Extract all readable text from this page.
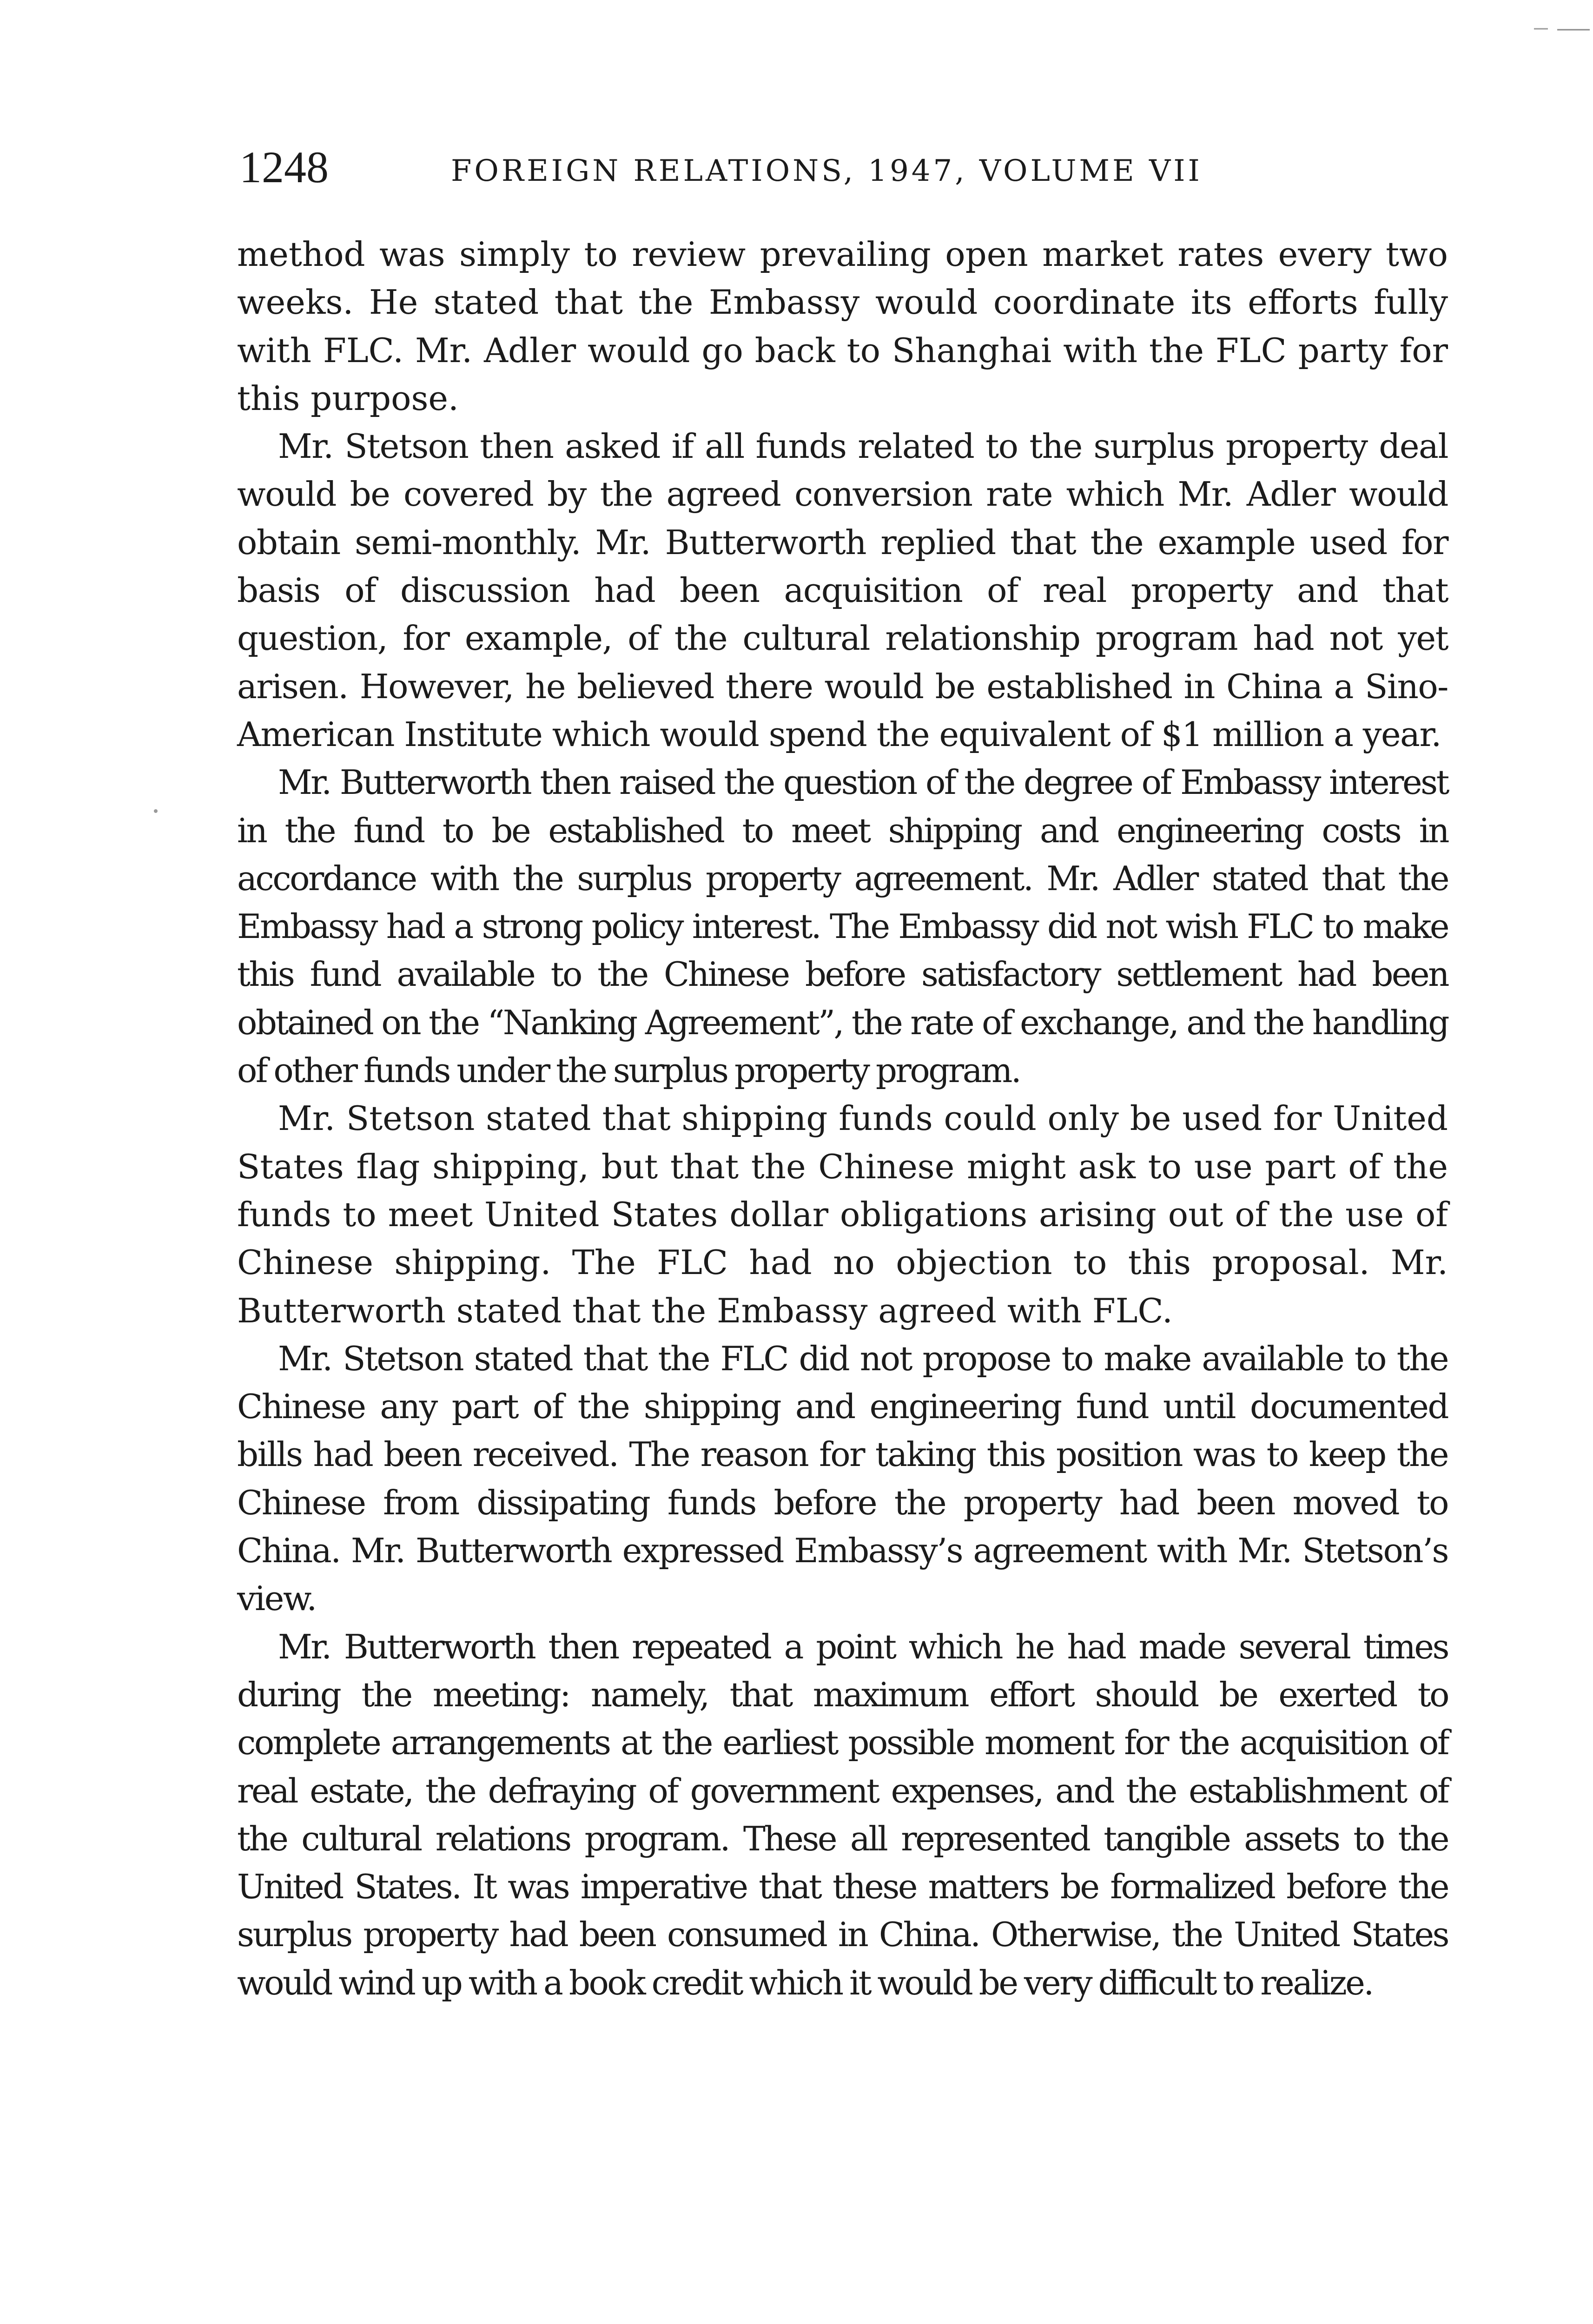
1248	FOREIGN RELATIONS, 1947, VOLUME VII

method was simply to review prevailing open market rates every two weeks. He stated that the Embassy would coordinate its efforts fully with FLC. Mr. Adler would go back to Shanghai with the FLC party for this purpose.

Mr. Stetson then asked if all funds related to the surplus property deal would be covered by the agreed conversion rate which Mr. Adler would obtain semi-monthly. Mr. Butterworth replied that the example used for basis of discussion had been acquisition of real property and that question, for example, of the cultural relationship program had not yet arisen. However, he believed there would be established in China a Sino-American Institute which would spend the equivalent of $1 million a year.

Mr. Butterworth then raised the question of the degree of Embassy interest in the fund to be established to meet shipping and engineering costs in accordance with the surplus property agreement. Mr. Adler stated that the Embassy had a strong policy interest. The Embassy did not wish FLC to make this fund available to the Chinese before satisfactory settlement had been obtained on the “Nanking Agreement”, the rate of exchange, and the handling of other funds under the surplus property program.

Mr. Stetson stated that shipping funds could only be used for United States flag shipping, but that the Chinese might ask to use part of the funds to meet United States dollar obligations arising out of the use of Chinese shipping. The FLC had no objection to this proposal. Mr. Butterworth stated that the Embassy agreed with FLC.

Mr. Stetson stated that the FLC did not propose to make available to the Chinese any part of the shipping and engineering fund until documented bills had been received. The reason for taking this position was to keep the Chinese from dissipating funds before the property had been moved to China. Mr. Butterworth expressed Embassy’s agreement with Mr. Stetson’s view.

Mr. Butterworth then repeated a point which he had made several times during the meeting: namely, that maximum effort should be exerted to complete arrangements at the earliest possible moment for the acquisition of real estate, the defraying of government expenses, and the establishment of the cultural relations program. These all represented tangible assets to the United States. It was imperative that these matters be formalized before the surplus property had been consumed in China. Otherwise, the United States would wind up with a book credit which it would be very difficult to realize.
